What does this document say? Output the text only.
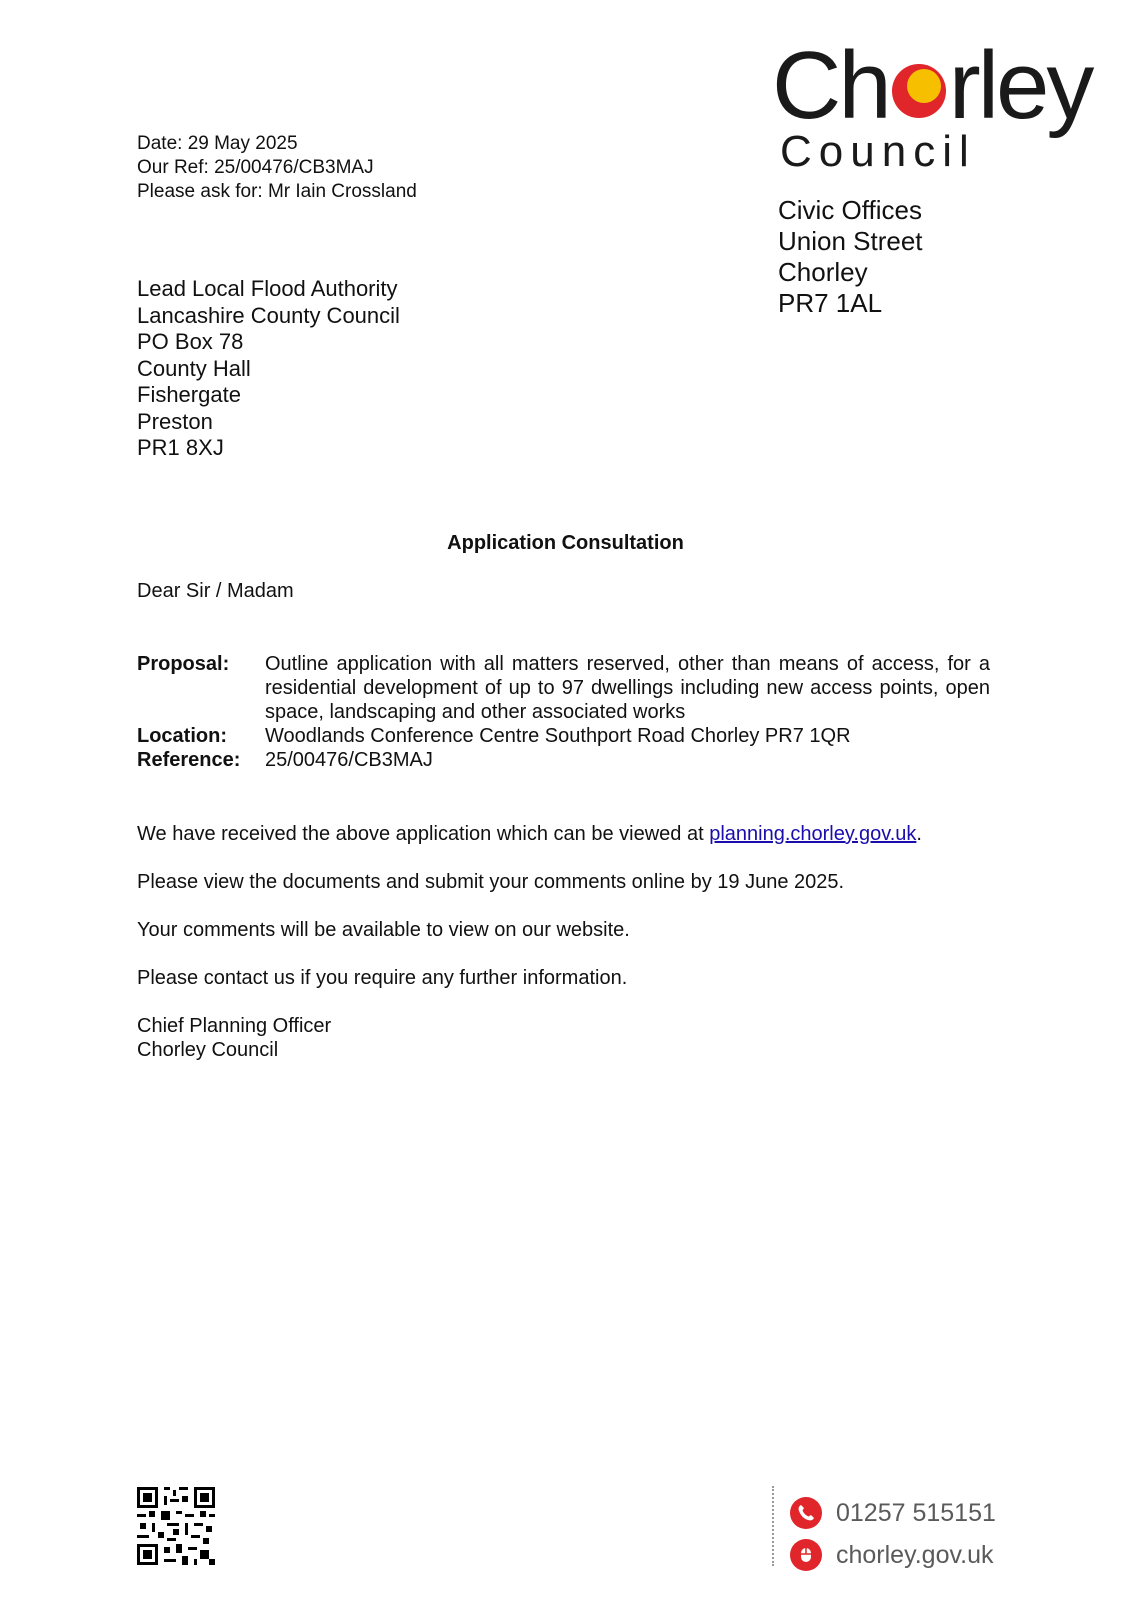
Ch rley
Council
Date: 29 May 2025
Our Ref: 25/00476/CB3MAJ
Please ask for: Mr Iain Crossland
Civic Offices
Union Street
Chorley
PR7 1AL
Lead Local Flood Authority
Lancashire County Council
PO Box 78
County Hall
Fishergate
Preston
PR1 8XJ
Application Consultation
Dear Sir / Madam
Proposal:	Outline application with all matters reserved, other than means of access, for a residential development of up to 97 dwellings including new access points, open space, landscaping and other associated works
Location:	Woodlands Conference Centre Southport Road Chorley PR7 1QR
Reference:	25/00476/CB3MAJ

We have received the above application which can be viewed at planning.chorley.gov.uk.

Please view the documents and submit your comments online by 19 June 2025.

Your comments will be available to view on our website.

Please contact us if you require any further information.

Chief Planning Officer
Chorley Council
01257 515151
chorley.gov.uk
